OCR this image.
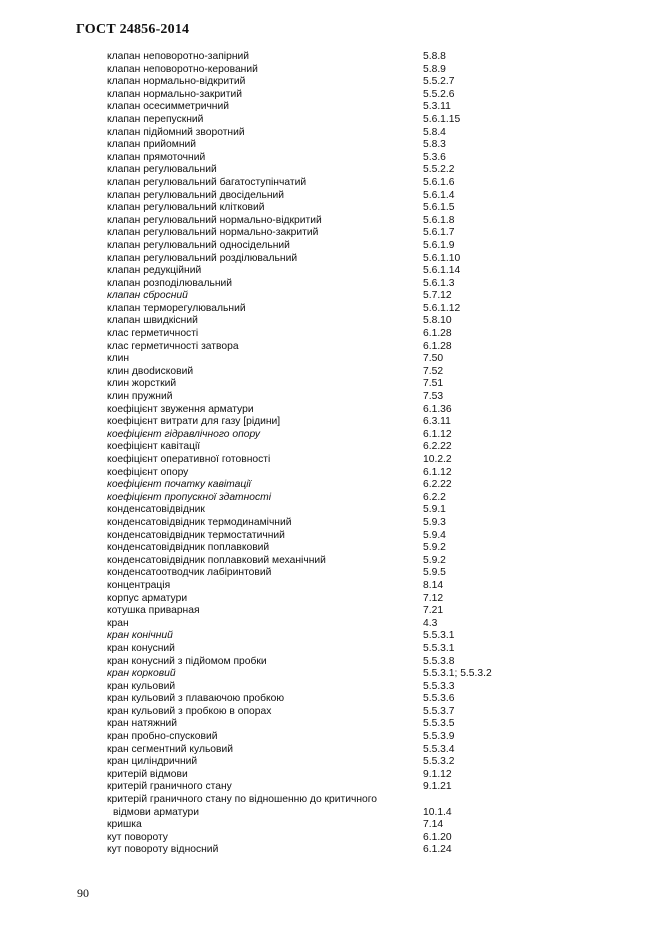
ГОСТ 24856-2014
клапан неповоротно-запірний	5.8.8
клапан неповоротно-керований	5.8.9
клапан нормально-відкритий	5.5.2.7
клапан нормально-закритий	5.5.2.6
клапан осесимметричний	5.3.11
клапан перепускний	5.6.1.15
клапан підйомний зворотний	5.8.4
клапан прийомний	5.8.3
клапан прямоточний	5.3.6
клапан регулювальний	5.5.2.2
клапан регулювальний багатоступінчатий	5.6.1.6
клапан регулювальний двосідельний	5.6.1.4
клапан регулювальний клітковий	5.6.1.5
клапан регулювальний нормально-відкритий	5.6.1.8
клапан регулювальний нормально-закритий	5.6.1.7
клапан регулювальний односідельний	5.6.1.9
клапан регулювальний розділювальний	5.6.1.10
клапан редукційний	5.6.1.14
клапан розподілювальний	5.6.1.3
клапан сбросний	5.7.12
клапан терморегулювальний	5.6.1.12
клапан швидкісний	5.8.10
клас герметичності	6.1.28
клас герметичності затвора	6.1.28
клин	7.50
клин двodисковий	7.52
клин жорсткий	7.51
клин пружний	7.53
коефіцієнт звуження арматури	6.1.36
коефіцієнт витрати для газу [рідини]	6.3.11
коефіцієнт гідравлічного опору	6.1.12
коефіцієнт кавітації	6.2.22
коефіцієнт оперативної готовності	10.2.2
коефіцієнт опору	6.1.12
коефіцієнт початку кавітації	6.2.22
коефіцієнт пропускної здатності	6.2.2
конденсатовідвідник	5.9.1
конденсатовідвідник термодинамічний	5.9.3
конденсатовідвідник термостатичний	5.9.4
конденсатовідвідник поплавковий	5.9.2
конденсатовідвідник поплавковий механічний	5.9.2
конденсатоотводчик лабіринтовий	5.9.5
концентрація	8.14
корпус арматури	7.12
котушка приварная	7.21
кран	4.3
кран конічний	5.5.3.1
кран конусний	5.5.3.1
кран конусний з підйомом пробки	5.5.3.8
кран корковий	5.5.3.1; 5.5.3.2
кран кульовий	5.5.3.3
кран кульовий з плаваючою пробкою	5.5.3.6
кран кульовий з пробкою в опорах	5.5.3.7
кран натяжний	5.5.3.5
кран пробно-спусковий	5.5.3.9
кран сегментний кульовий	5.5.3.4
кран циліндричний	5.5.3.2
критерій відмови	9.1.12
критерій граничного стану	9.1.21
критерій граничного стану по відношенню до критичного
відмови арматури	10.1.4
кришка	7.14
кут повороту	6.1.20
кут повороту відносний	6.1.24
90
